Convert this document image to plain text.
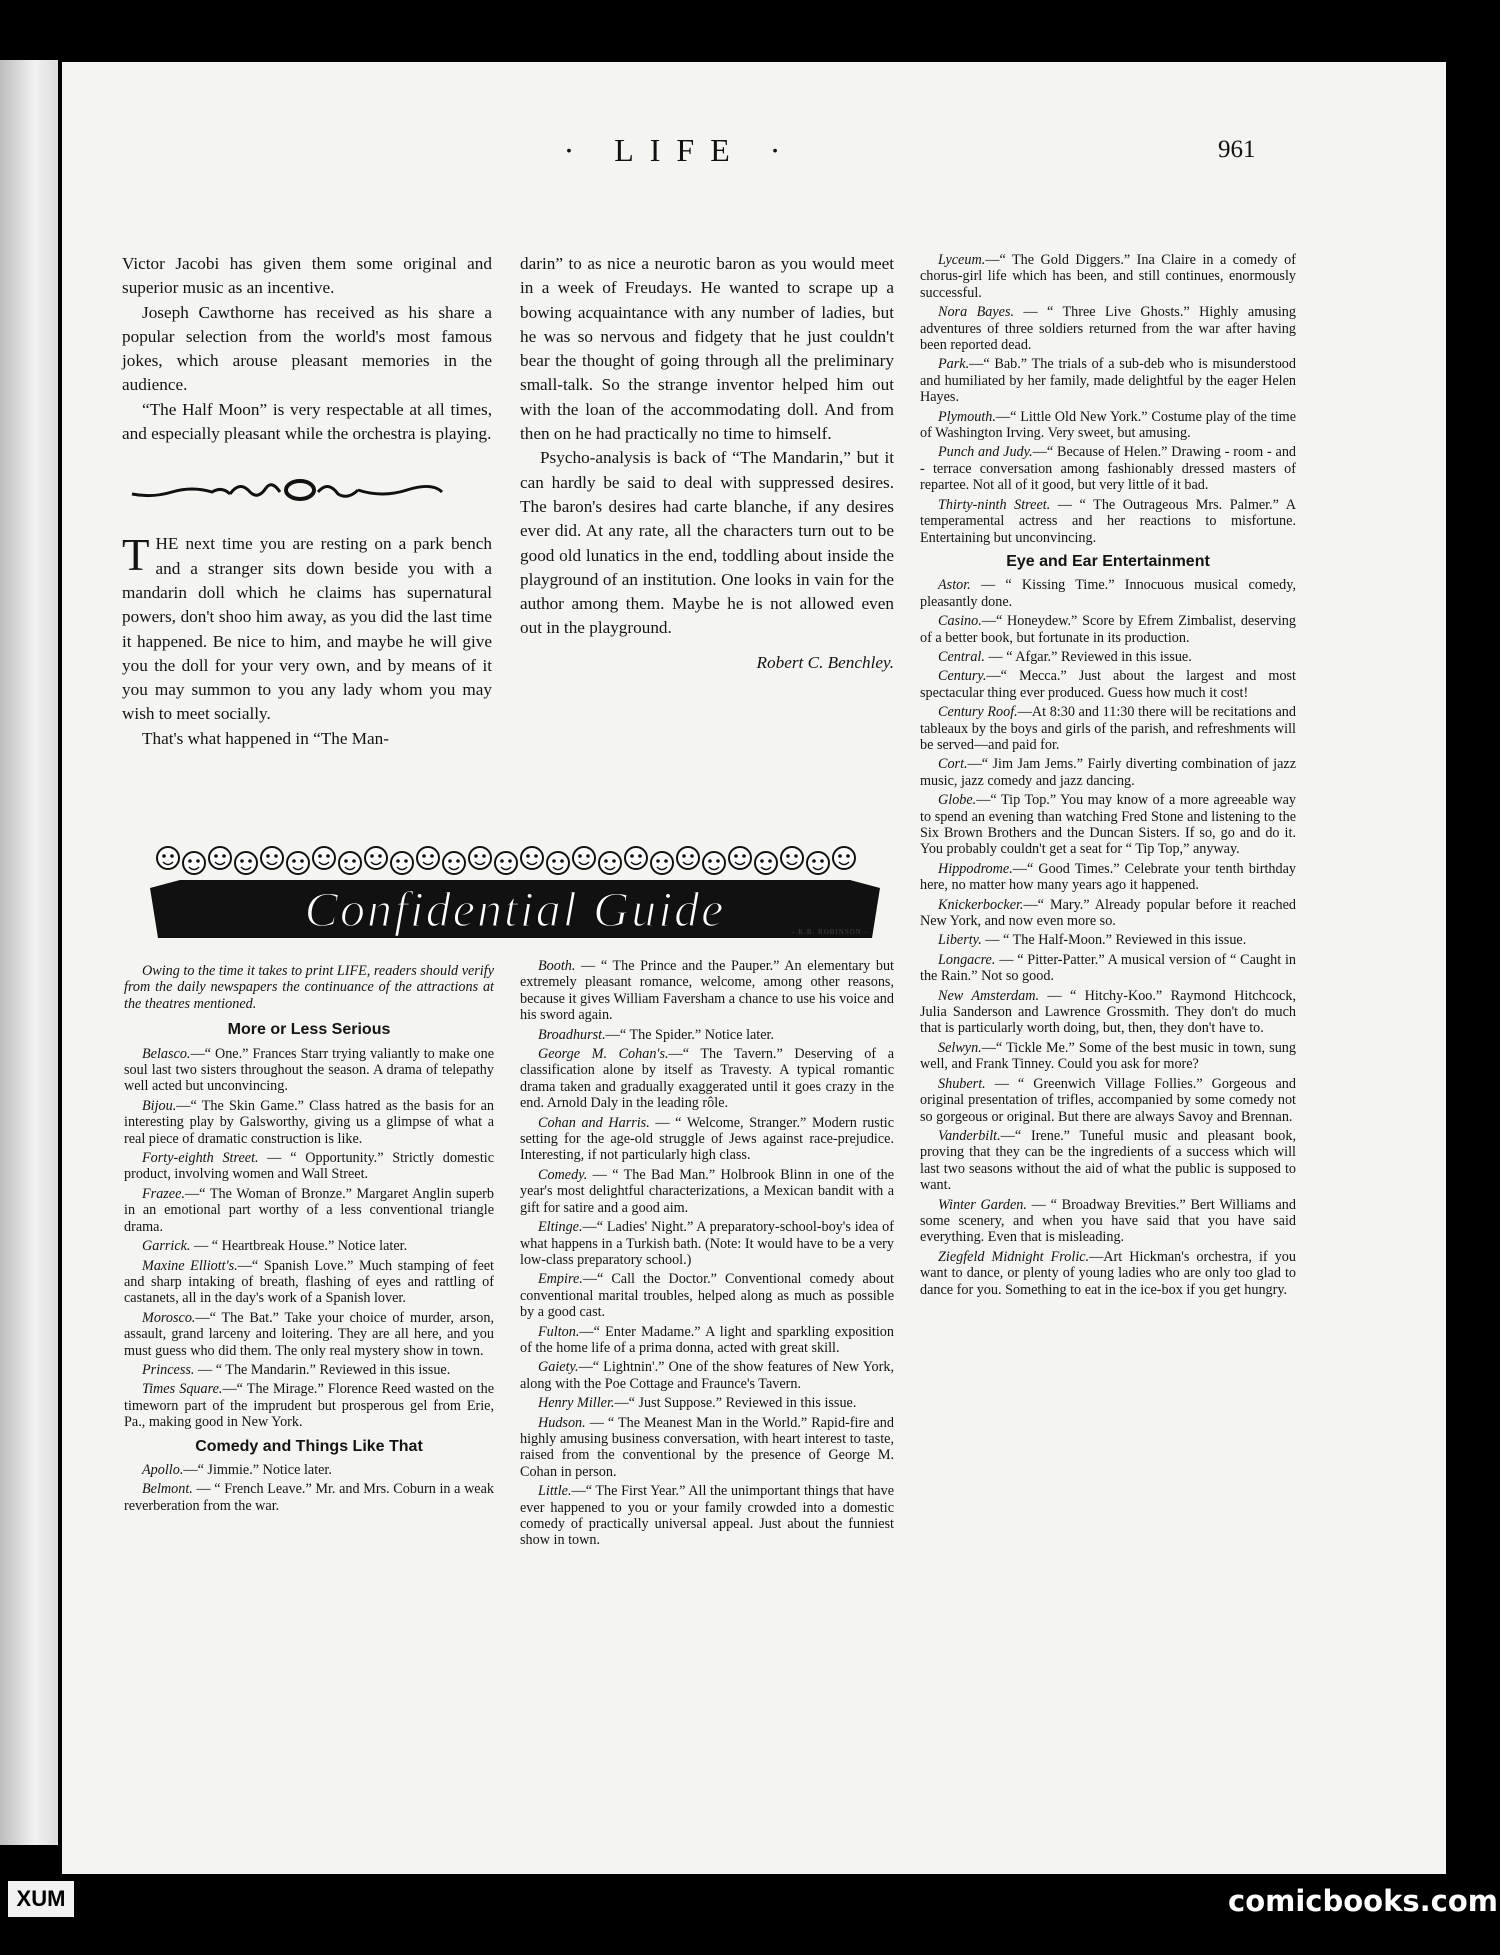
· LIFE ·	961

Victor Jacobi has given them some original and superior music as an incentive.

Joseph Cawthorne has received as his share a popular selection from the world's most famous jokes, which arouse pleasant memories in the audience.

“The Half Moon” is very respectable at all times, and especially pleasant while the orchestra is playing.

THE next time you are resting on a park bench and a stranger sits down beside you with a mandarin doll which he claims has supernatural powers, don't shoo him away, as you did the last time it happened. Be nice to him, and maybe he will give you the doll for your very own, and by means of it you may summon to you any lady whom you may wish to meet socially.

That's what happened in “The Man-

darin” to as nice a neurotic baron as you would meet in a week of Freudays. He wanted to scrape up a bowing acquaintance with any number of ladies, but he was so nervous and fidgety that he just couldn't bear the thought of going through all the preliminary small-talk. So the strange inventor helped him out with the loan of the accommodating doll. And from then on he had practically no time to himself.

Psycho-analysis is back of “The Mandarin,” but it can hardly be said to deal with suppressed desires. The baron's desires had carte blanche, if any desires ever did. At any rate, all the characters turn out to be good old lunatics in the end, toddling about inside the playground of an institution. One looks in vain for the author among them. Maybe he is not allowed even out in the playground.

Robert C. Benchley.

Lyceum.—“ The Gold Diggers.” Ina Claire in a comedy of chorus-girl life which has been, and still continues, enormously successful.

Nora Bayes. — “ Three Live Ghosts.” Highly amusing adventures of three soldiers returned from the war after having been reported dead.

Park.—“ Bab.” The trials of a sub-deb who is misunderstood and humiliated by her family, made delightful by the eager Helen Hayes.

Plymouth.—“ Little Old New York.” Costume play of the time of Washington Irving. Very sweet, but amusing.

Punch and Judy.—“ Because of Helen.” Drawing - room - and - terrace conversation among fashionably dressed masters of repartee. Not all of it good, but very little of it bad.

Thirty-ninth Street. — “ The Outrageous Mrs. Palmer.” A temperamental actress and her reactions to misfortune. Entertaining but unconvincing.

Eye and Ear Entertainment

Astor. — “ Kissing Time.” Innocuous musical comedy, pleasantly done.

Casino.—“ Honeydew.” Score by Efrem Zimbalist, deserving of a better book, but fortunate in its production.

Central. — “ Afgar.” Reviewed in this issue.

Century.—“ Mecca.” Just about the largest and most spectacular thing ever produced. Guess how much it cost!

Century Roof.—At 8:30 and 11:30 there will be recitations and tableaux by the boys and girls of the parish, and refreshments will be served—and paid for.

Cort.—“ Jim Jam Jems.” Fairly diverting combination of jazz music, jazz comedy and jazz dancing.

Globe.—“ Tip Top.” You may know of a more agreeable way to spend an evening than watching Fred Stone and listening to the Six Brown Brothers and the Duncan Sisters. If so, go and do it. You probably couldn't get a seat for “ Tip Top,” anyway.

Hippodrome.—“ Good Times.” Celebrate your tenth birthday here, no matter how many years ago it happened.

Knickerbocker.—“ Mary.” Already popular before it reached New York, and now even more so.

Liberty. — “ The Half-Moon.” Reviewed in this issue.

Longacre. — “ Pitter-Patter.” A musical version of “ Caught in the Rain.” Not so good.

New Amsterdam. — “ Hitchy-Koo.” Raymond Hitchcock, Julia Sanderson and Lawrence Grossmith. They don't do much that is particularly worth doing, but, then, they don't have to.

Selwyn.—“ Tickle Me.” Some of the best music in town, sung well, and Frank Tinney. Could you ask for more?

Shubert. — “ Greenwich Village Follies.” Gorgeous and original presentation of trifles, accompanied by some comedy not so gorgeous or original. But there are always Savoy and Brennan.

Vanderbilt.—“ Irene.” Tuneful music and pleasant book, proving that they can be the ingredients of a success which will last two seasons without the aid of what the public is supposed to want.

Winter Garden. — “ Broadway Brevities.” Bert Williams and some scenery, and when you have said that you have said everything. Even that is misleading.

Ziegfeld Midnight Frolic.—Art Hickman's orchestra, if you want to dance, or plenty of young ladies who are only too glad to dance for you. Something to eat in the ice-box if you get hungry.

Confidential Guide	- K.B. ROBINSON -

Owing to the time it takes to print LIFE, readers should verify from the daily newspapers the continuance of the attractions at the theatres mentioned.

More or Less Serious

Belasco.—“ One.” Frances Starr trying valiantly to make one soul last two sisters throughout the season. A drama of telepathy well acted but unconvincing.

Bijou.—“ The Skin Game.” Class hatred as the basis for an interesting play by Galsworthy, giving us a glimpse of what a real piece of dramatic construction is like.

Forty-eighth Street. — “ Opportunity.” Strictly domestic product, involving women and Wall Street.

Frazee.—“ The Woman of Bronze.” Margaret Anglin superb in an emotional part worthy of a less conventional triangle drama.

Garrick. — “ Heartbreak House.” Notice later.

Maxine Elliott's.—“ Spanish Love.” Much stamping of feet and sharp intaking of breath, flashing of eyes and rattling of castanets, all in the day's work of a Spanish lover.

Morosco.—“ The Bat.” Take your choice of murder, arson, assault, grand larceny and loitering. They are all here, and you must guess who did them. The only real mystery show in town.

Princess. — “ The Mandarin.” Reviewed in this issue.

Times Square.—“ The Mirage.” Florence Reed wasted on the timeworn part of the imprudent but prosperous gel from Erie, Pa., making good in New York.

Comedy and Things Like That

Apollo.—“ Jimmie.” Notice later.

Belmont. — “ French Leave.” Mr. and Mrs. Coburn in a weak reverberation from the war.

Booth. — “ The Prince and the Pauper.” An elementary but extremely pleasant romance, welcome, among other reasons, because it gives William Faversham a chance to use his voice and his sword again.

Broadhurst.—“ The Spider.” Notice later.

George M. Cohan's.—“ The Tavern.” Deserving of a classification alone by itself as Travesty. A typical romantic drama taken and gradually exaggerated until it goes crazy in the end. Arnold Daly in the leading rôle.

Cohan and Harris. — “ Welcome, Stranger.” Modern rustic setting for the age-old struggle of Jews against race-prejudice. Interesting, if not particularly high class.

Comedy. — “ The Bad Man.” Holbrook Blinn in one of the year's most delightful characterizations, a Mexican bandit with a gift for satire and a good aim.

Eltinge.—“ Ladies' Night.” A preparatory-school-boy's idea of what happens in a Turkish bath. (Note: It would have to be a very low-class preparatory school.)

Empire.—“ Call the Doctor.” Conventional comedy about conventional marital troubles, helped along as much as possible by a good cast.

Fulton.—“ Enter Madame.” A light and sparkling exposition of the home life of a prima donna, acted with great skill.

Gaiety.—“ Lightnin'.” One of the show features of New York, along with the Poe Cottage and Fraunce's Tavern.

Henry Miller.—“ Just Suppose.” Reviewed in this issue.

Hudson. — “ The Meanest Man in the World.” Rapid-fire and highly amusing business conversation, with heart interest to taste, raised from the conventional by the presence of George M. Cohan in person.

Little.—“ The First Year.” All the unimportant things that have ever happened to you or your family crowded into a domestic comedy of practically universal appeal. Just about the funniest show in town.

XUM	comicbooks.com
